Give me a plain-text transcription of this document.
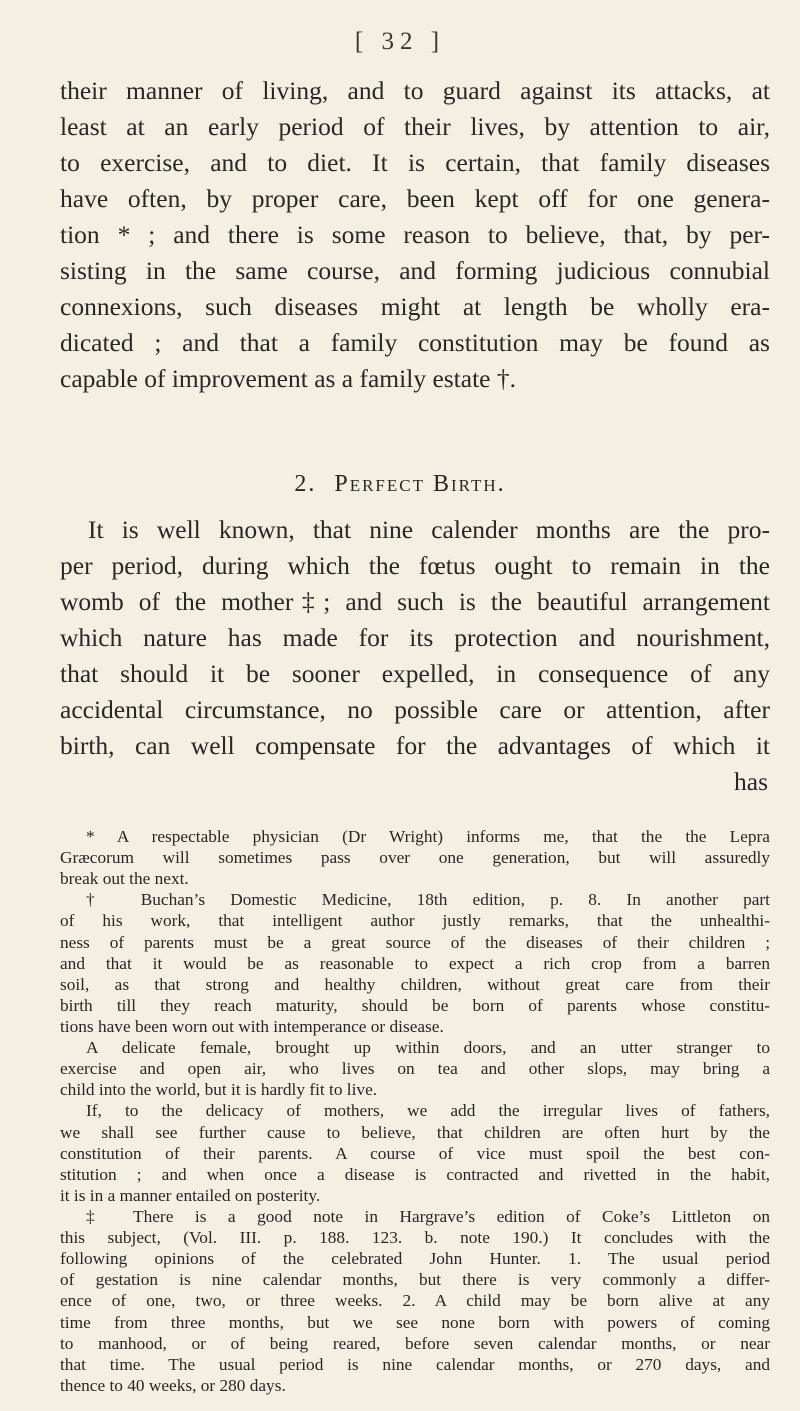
[ 32 ]
their manner of living, and to guard against its attacks, at
least at an early period of their lives, by attention to air,
to exercise, and to diet. It is certain, that family diseases
have often, by proper care, been kept off for one genera-
tion * ; and there is some reason to believe, that, by per-
sisting in the same course, and forming judicious connubial
connexions, such diseases might at length be wholly era-
dicated ; and that a family constitution may be found as
capable of improvement as a family estate †.
2. Perfect Birth.
It is well known, that nine calender months are the pro-
per period, during which the fœtus ought to remain in the
womb of the mother‡; and such is the beautiful arrangement
which nature has made for its protection and nourishment,
that should it be sooner expelled, in consequence of any
accidental circumstance, no possible care or attention, after
birth, can well compensate for the advantages of which it
has
* A respectable physician (Dr Wright) informs me, that the the Lepra
Græcorum will sometimes pass over one generation, but will assuredly
break out the next.
† Buchan’s Domestic Medicine, 18th edition, p. 8. In another part
of his work, that intelligent author justly remarks, that the unhealthi-
ness of parents must be a great source of the diseases of their children ;
and that it would be as reasonable to expect a rich crop from a barren
soil, as that strong and healthy children, without great care from their
birth till they reach maturity, should be born of parents whose constitu-
tions have been worn out with intemperance or disease.
A delicate female, brought up within doors, and an utter stranger to
exercise and open air, who lives on tea and other slops, may bring a
child into the world, but it is hardly fit to live.
If, to the delicacy of mothers, we add the irregular lives of fathers,
we shall see further cause to believe, that children are often hurt by the
constitution of their parents. A course of vice must spoil the best con-
stitution ; and when once a disease is contracted and rivetted in the habit,
it is in a manner entailed on posterity.
‡ There is a good note in Hargrave’s edition of Coke’s Littleton on
this subject, (Vol. III. p. 188. 123. b. note 190.) It concludes with the
following opinions of the celebrated John Hunter. 1. The usual period
of gestation is nine calendar months, but there is very commonly a differ-
ence of one, two, or three weeks. 2. A child may be born alive at any
time from three months, but we see none born with powers of coming
to manhood, or of being reared, before seven calendar months, or near
that time. The usual period is nine calendar months, or 270 days, and
thence to 40 weeks, or 280 days.
